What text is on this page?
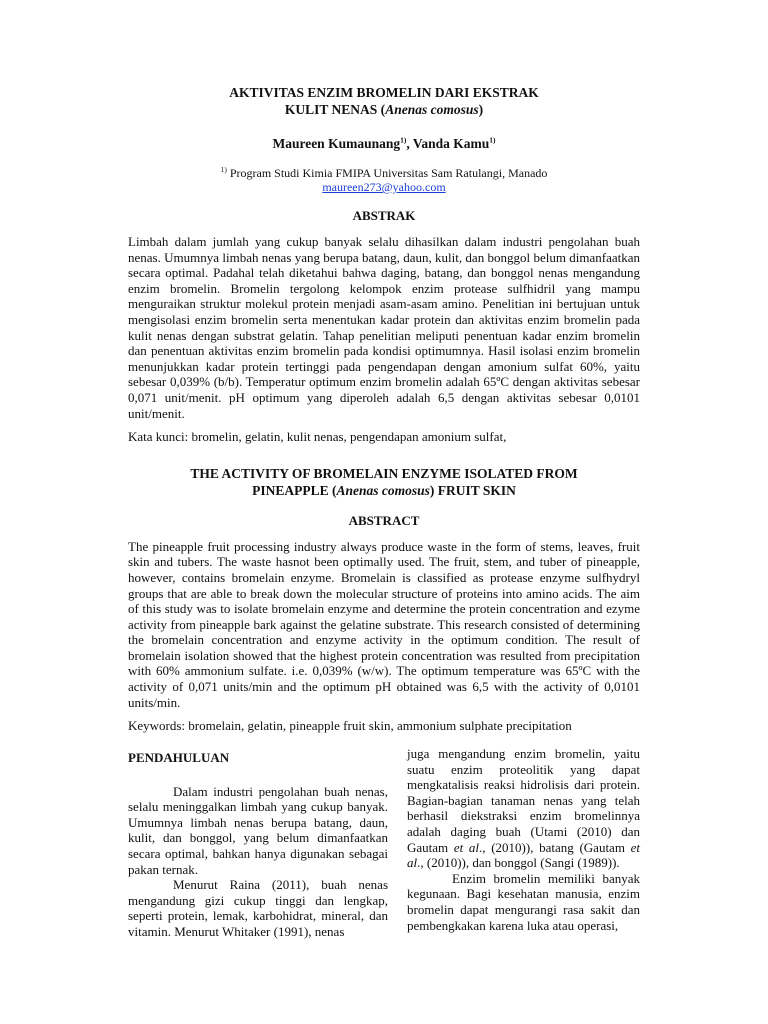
AKTIVITAS ENZIM BROMELIN DARI EKSTRAK
KULIT NENAS (Anenas comosus)
Maureen Kumaunang$^{1)}$, Vanda Kamu$^{1)}$
$^{1)}$ Program Studi Kimia FMIPA Universitas Sam Ratulangi, Manado
maureen273@yahoo.com
ABSTRAK

Limbah dalam jumlah yang cukup banyak selalu dihasilkan dalam industri pengolahan buah nenas. Umumnya limbah nenas yang berupa batang, daun, kulit, dan bonggol belum dimanfaatkan secara optimal. Padahal telah diketahui bahwa daging, batang, dan bonggol nenas mengandung enzim bromelin. Bromelin tergolong kelompok enzim protease sulfhidril yang mampu menguraikan struktur molekul protein menjadi asam-asam amino. Penelitian ini bertujuan untuk mengisolasi enzim bromelin serta menentukan kadar protein dan aktivitas enzim bromelin pada kulit nenas dengan substrat gelatin. Tahap penelitian meliputi penentuan kadar enzim bromelin dan penentuan aktivitas enzim bromelin pada kondisi optimumnya. Hasil isolasi enzim bromelin menunjukkan kadar protein tertinggi pada pengendapan dengan amonium sulfat 60%, yaitu sebesar 0,039% (b/b). Temperatur optimum enzim bromelin adalah 65ºC dengan aktivitas sebesar 0,071 unit/menit. pH optimum yang diperoleh adalah 6,5 dengan aktivitas sebesar 0,0101 unit/menit.

Kata kunci: bromelin, gelatin, kulit nenas, pengendapan amonium sulfat,
THE ACTIVITY OF BROMELAIN ENZYME ISOLATED FROM
PINEAPPLE (Anenas comosus) FRUIT SKIN
ABSTRACT

The pineapple fruit processing industry always produce waste in the form of stems, leaves, fruit skin and tubers. The waste hasnot been optimally used. The fruit, stem, and tuber of pineapple, however, contains bromelain enzyme. Bromelain is classified as protease enzyme sulfhydryl groups that are able to break down the molecular structure of proteins into amino acids. The aim of this study was to isolate bromelain enzyme and determine the protein concentration and ezyme activity from pineapple bark against the gelatine substrate. This research consisted of determining the bromelain concentration and enzyme activity in the optimum condition. The result of bromelain isolation showed that the highest protein concentration was resulted from precipitation with 60% ammonium sulfate. i.e. 0,039% (w/w). The optimum temperature was 65ºC with the activity of 0,071 units/min and the optimum pH obtained was 6,5 with the activity of 0,0101 units/min.

Keywords: bromelain, gelatin, pineapple fruit skin, ammonium sulphate precipitation
PENDAHULUAN

Dalam industri pengolahan buah nenas, selalu meninggalkan limbah yang cukup banyak. Umumnya limbah nenas berupa batang, daun, kulit, dan bonggol, yang belum dimanfaatkan secara optimal, bahkan hanya digunakan sebagai pakan ternak.

Menurut Raina (2011), buah nenas mengandung gizi cukup tinggi dan lengkap, seperti protein, lemak, karbohidrat, mineral, dan vitamin. Menurut Whitaker (1991), nenas

juga mengandung enzim bromelin, yaitu suatu enzim proteolitik yang dapat mengkatalisis reaksi hidrolisis dari protein. Bagian-bagian tanaman nenas yang telah berhasil diekstraksi enzim bromelinnya adalah daging buah (Utami (2010) dan Gautam et al., (2010)), batang (Gautam et al., (2010)), dan bonggol (Sangi (1989)).

Enzim bromelin memiliki banyak kegunaan. Bagi kesehatan manusia, enzim bromelin dapat mengurangi rasa sakit dan pembengkakan karena luka atau operasi,
